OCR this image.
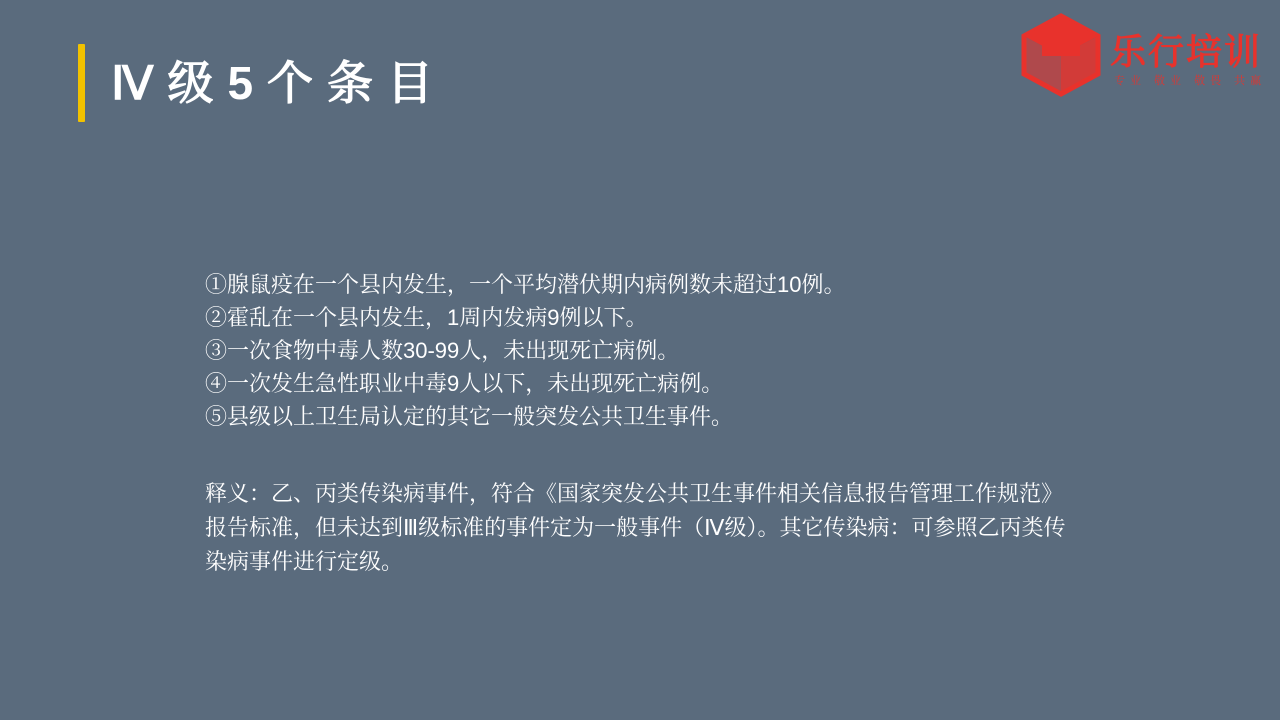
Ⅳ级5个条目
乐行培训
专业 敬业 敬畏 共赢
①腺鼠疫在一个县内发生，一个平均潜伏期内病例数未超过10例。
②霍乱在一个县内发生，1周内发病9例以下。
③一次食物中毒人数30-99人，未出现死亡病例。
④一次发生急性职业中毒9人以下，未出现死亡病例。
⑤县级以上卫生局认定的其它一般突发公共卫生事件。
释义：乙、丙类传染病事件，符合《国家突发公共卫生事件相关信息报告管理工作规范》报告标准，但未达到Ⅲ级标准的事件定为一般事件（Ⅳ级）。其它传染病：可参照乙丙类传染病事件进行定级。
